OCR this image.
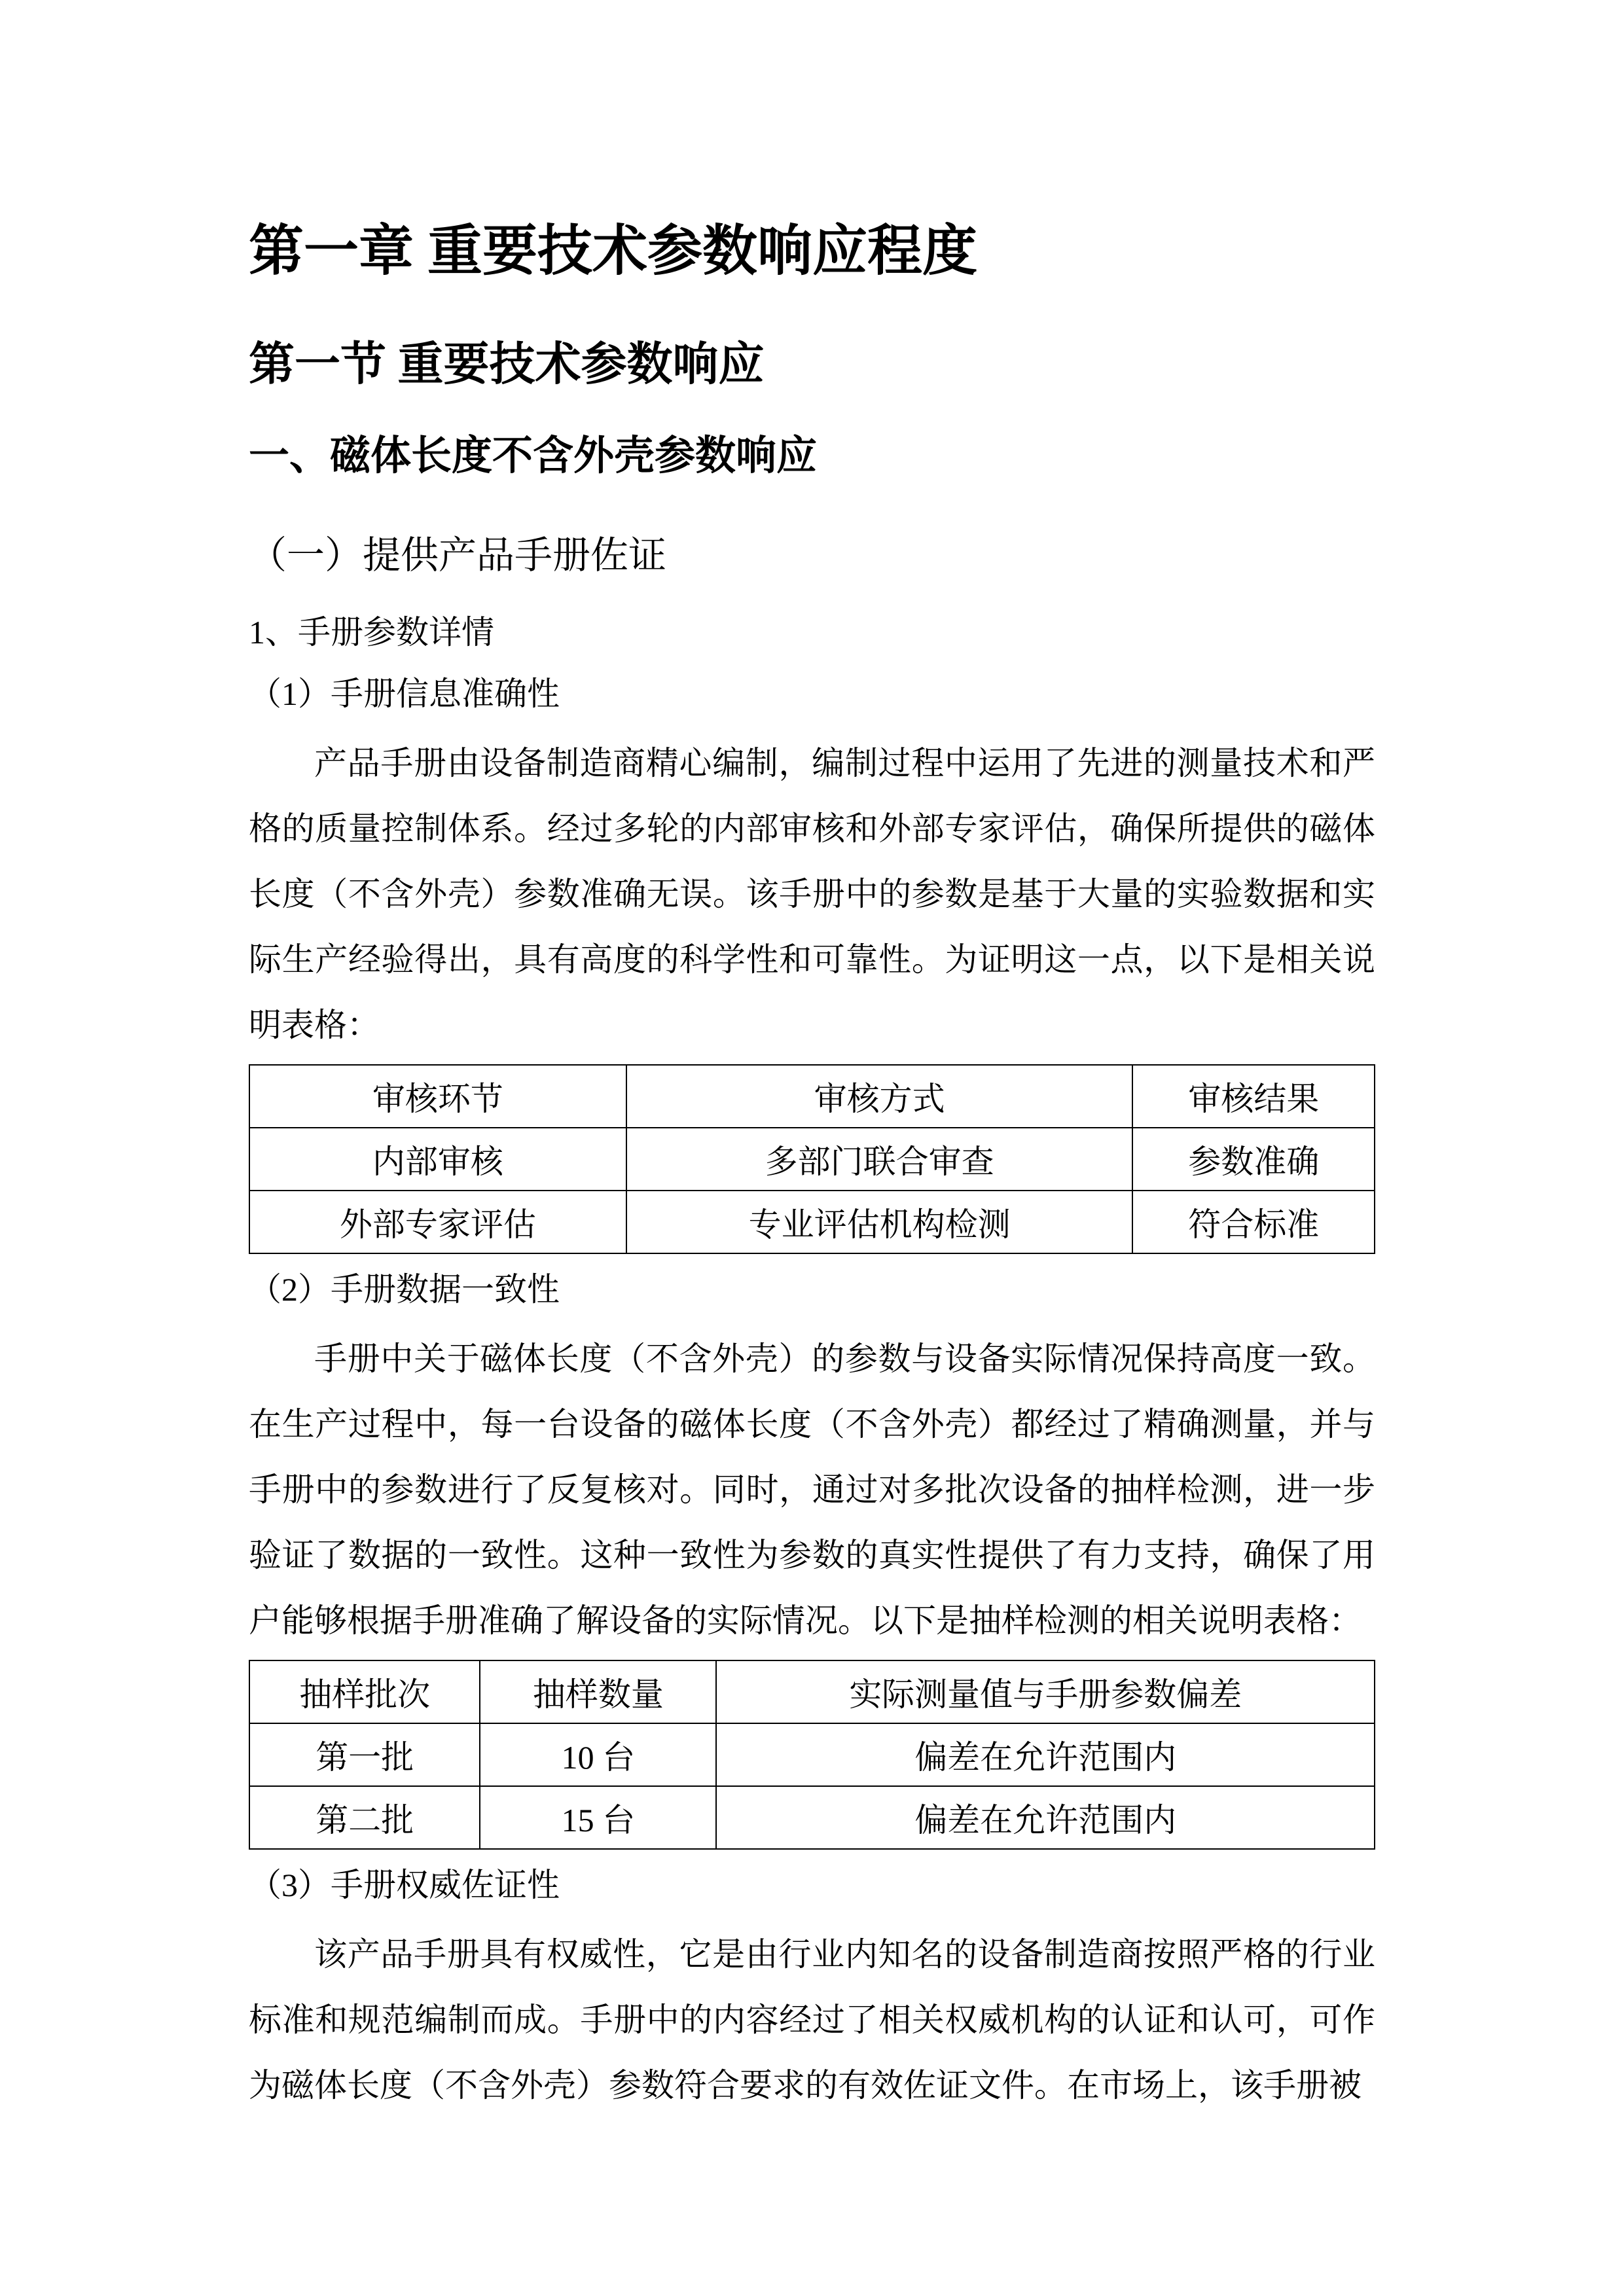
第一章 重要技术参数响应程度
第一节 重要技术参数响应
一、磁体长度不含外壳参数响应
（一）提供产品手册佐证
1、手册参数详情
（1）手册信息准确性

产品手册由设备制造商精心编制，编制过程中运用了先进的测量技术和严格的质量控制体系。经过多轮的内部审核和外部专家评估，确保所提供的磁体长度（不含外壳）参数准确无误。该手册中的参数是基于大量的实验数据和实际生产经验得出，具有高度的科学性和可靠性。为证明这一点，以下是相关说明表格：

审核环节	审核方式	审核结果
内部审核	多部门联合审查	参数准确
外部专家评估	专业评估机构检测	符合标准
（2）手册数据一致性

手册中关于磁体长度（不含外壳）的参数与设备实际情况保持高度一致。在生产过程中，每一台设备的磁体长度（不含外壳）都经过了精确测量，并与手册中的参数进行了反复核对。同时，通过对多批次设备的抽样检测，进一步验证了数据的一致性。这种一致性为参数的真实性提供了有力支持，确保了用户能够根据手册准确了解设备的实际情况。以下是抽样检测的相关说明表格：

抽样批次	抽样数量	实际测量值与手册参数偏差
第一批	10 台	偏差在允许范围内
第二批	15 台	偏差在允许范围内
（3）手册权威佐证性

该产品手册具有权威性，它是由行业内知名的设备制造商按照严格的行业标准和规范编制而成。手册中的内容经过了相关权威机构的认证和认可，可作为磁体长度（不含外壳）参数符合要求的有效佐证文件。在市场上，该手册被
